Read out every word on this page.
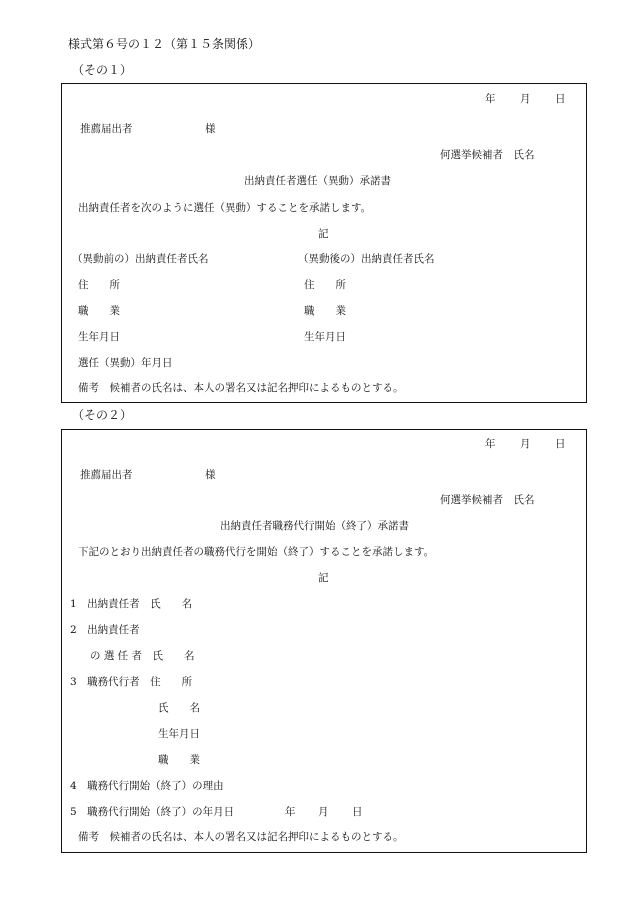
様式第６号の１２（第１５条関係）
（その１）
年 月 日
推薦届出者	様
何選挙候補者　氏名
出納責任者選任（異動）承諾書
出納責任者を次のように選任（異動）することを承諾します。
記
（異動前の）出納責任者氏名	（異動後の）出納責任者氏名
住　　所	住　　所
職　　業	職　　業
生年月日	生年月日
選任（異動）年月日
備考　候補者の氏名は、本人の署名又は記名押印によるものとする。
（その２）
年 月 日
推薦届出者	様
何選挙候補者　氏名
出納責任者職務代行開始（終了）承諾書
下記のとおり出納責任者の職務代行を開始（終了）することを承諾します。
記
1　出納責任者　氏　　名
2　出納責任者
の 選 任 者　氏　　名
3　職務代行者　住　　所
氏　　名
生年月日
職　　業
4　職務代行開始（終了）の理由
5　職務代行開始（終了）の年月日	年 月 日
備考　候補者の氏名は、本人の署名又は記名押印によるものとする。
